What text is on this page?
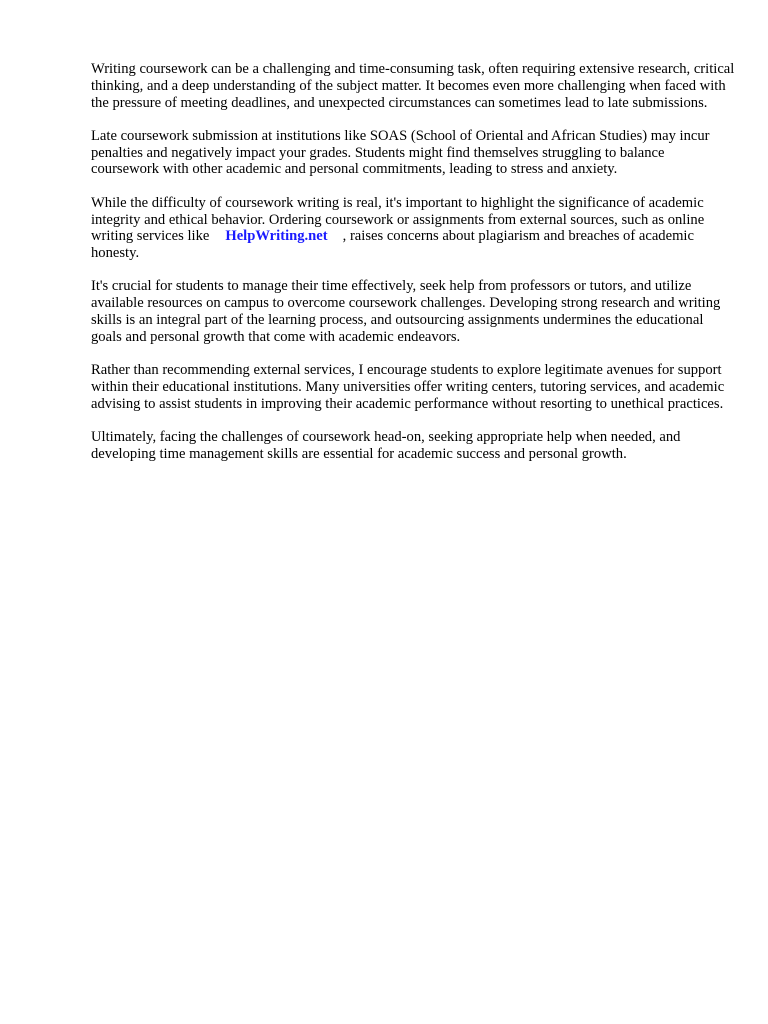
Writing coursework can be a challenging and time-consuming task, often requiring extensive research, critical thinking, and a deep understanding of the subject matter. It becomes even more challenging when faced with the pressure of meeting deadlines, and unexpected circumstances can sometimes lead to late submissions.

Late coursework submission at institutions like SOAS (School of Oriental and African Studies) may incur penalties and negatively impact your grades. Students might find themselves struggling to balance coursework with other academic and personal commitments, leading to stress and anxiety.

While the difficulty of coursework writing is real, it's important to highlight the significance of academic integrity and ethical behavior. Ordering coursework or assignments from external sources, such as online writing services like HelpWriting.net , raises concerns about plagiarism and breaches of academic honesty.

It's crucial for students to manage their time effectively, seek help from professors or tutors, and utilize available resources on campus to overcome coursework challenges. Developing strong research and writing skills is an integral part of the learning process, and outsourcing assignments undermines the educational goals and personal growth that come with academic endeavors.

Rather than recommending external services, I encourage students to explore legitimate avenues for support within their educational institutions. Many universities offer writing centers, tutoring services, and academic advising to assist students in improving their academic performance without resorting to unethical practices.

Ultimately, facing the challenges of coursework head-on, seeking appropriate help when needed, and developing time management skills are essential for academic success and personal growth.
